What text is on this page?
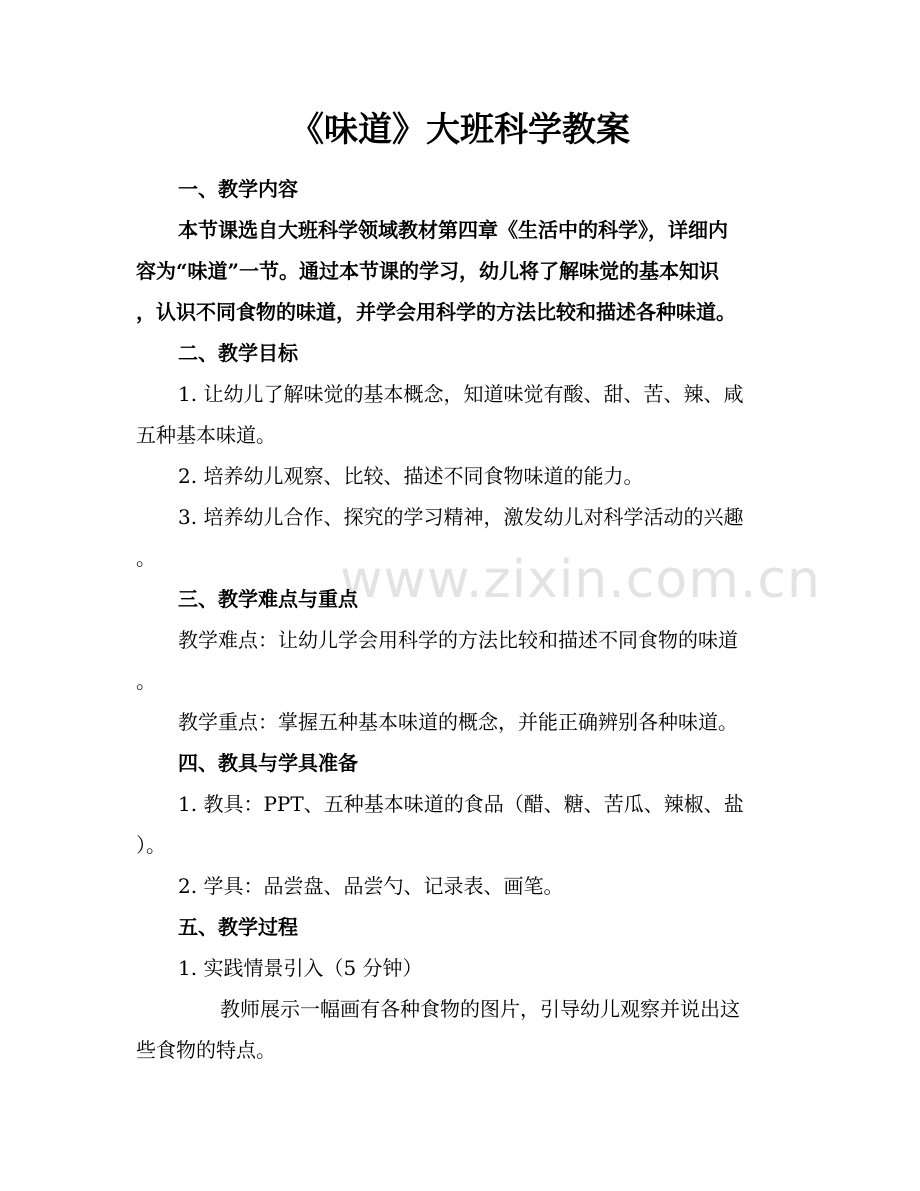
www.zixin.com.cn
《味道》大班科学教案
一、教学内容
本节课选自大班科学领域教材第四章《生活中的科学》，详细内
容为“味道”一节。通过本节课的学习，幼儿将了解味觉的基本知识
，认识不同食物的味道，并学会用科学的方法比较和描述各种味道。
二、教学目标
1. 让幼儿了解味觉的基本概念，知道味觉有酸、甜、苦、辣、咸
五种基本味道。
2. 培养幼儿观察、比较、描述不同食物味道的能力。
3. 培养幼儿合作、探究的学习精神，激发幼儿对科学活动的兴趣
。
三、教学难点与重点
教学难点：让幼儿学会用科学的方法比较和描述不同食物的味道
。
教学重点：掌握五种基本味道的概念，并能正确辨别各种味道。
四、教具与学具准备
1. 教具：PPT、五种基本味道的食品（醋、糖、苦瓜、辣椒、盐
）。
2. 学具：品尝盘、品尝勺、记录表、画笔。
五、教学过程
1. 实践情景引入（5 分钟）
教师展示一幅画有各种食物的图片，引导幼儿观察并说出这
些食物的特点。
